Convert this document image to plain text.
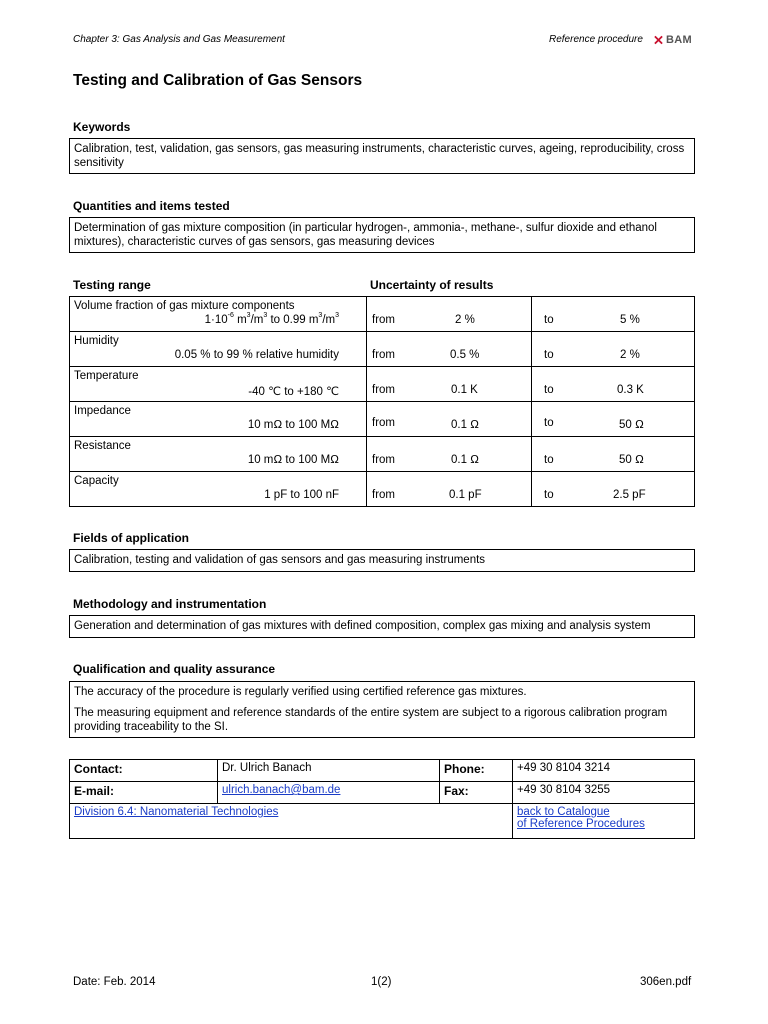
Chapter 3: Gas Analysis and Gas Measurement	Reference procedure BAM
Testing and Calibration of Gas Sensors
Keywords
Calibration, test, validation, gas sensors, gas measuring instruments, characteristic curves, ageing, reproducibility, cross sensitivity
Quantities and items tested
Determination of gas mixture composition (in particular hydrogen-, ammonia-, methane-, sulfur dioxide and ethanol mixtures), characteristic curves of gas sensors, gas measuring devices
Testing range	Uncertainty of results
Volume fraction of gas mixture components
$1\cdot 10^{-6}$ $m^3/m^3$ to 0.99 $m^3/m^3$	from 2 %	to 5 %

Humidity
0.05 % to 99 % relative humidity	from 0.5 %	to 2 %

Temperature
-40 ℃ to +180 ℃	from 0.1 K	to 0.3 K

Impedance
10 mΩ to 100 MΩ	from 0.1 Ω	to 50 Ω

Resistance
10 mΩ to 100 MΩ	from 0.1 Ω	to 50 Ω

Capacity
1 pF to 100 nF	from 0.1 pF	to 2.5 pF
Fields of application
Calibration, testing and validation of gas sensors and gas measuring instruments
Methodology and instrumentation
Generation and determination of gas mixtures with defined composition, complex gas mixing and analysis system
Qualification and quality assurance
The accuracy of the procedure is regularly verified using certified reference gas mixtures.
The measuring equipment and reference standards of the entire system are subject to a rigorous calibration program providing traceability to the SI.
Contact:	Dr. Ulrich Banach	Phone:	+49 30 8104 3214
E-mail:	ulrich.banach@bam.de	Fax:	+49 30 8104 3255
Division 6.4: Nanomaterial Technologies			back to Catalogue
of Reference Procedures
Date: Feb. 2014	1(2)	306en.pdf
